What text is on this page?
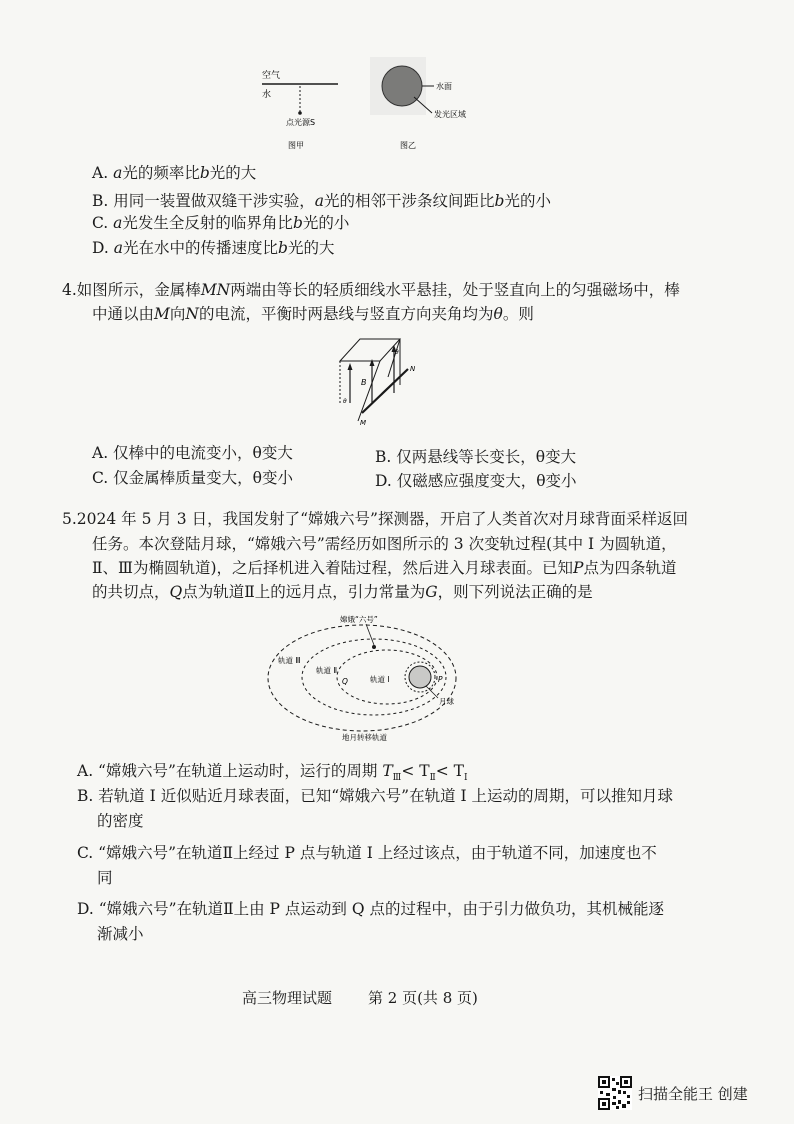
空气
水
点光源S
图甲
水面
发光区域
图乙
A. a光的频率比b光的大
B. 用同一装置做双缝干涉实验，a光的相邻干涉条纹间距比b光的小
C. a光发生全反射的临界角比b光的小
D. a光在水中的传播速度比b光的大
4.如图所示，金属棒MN两端由等长的轻质细线水平悬挂，处于竖直向上的匀强磁场中，棒
中通以由M向N的电流，平衡时两悬线与竖直方向夹角均为θ。则
B
N
M
θ
θ
A. 仅棒中的电流变小，θ变大	B. 仅两悬线等长变长，θ变大
C. 仅金属棒质量变大，θ变小	D. 仅磁感应强度变大，θ变小
5.2024 年 5 月 3 日，我国发射了“嫦娥六号”探测器，开启了人类首次对月球背面采样返回
任务。本次登陆月球，“嫦娥六号”需经历如图所示的 3 次变轨过程(其中 Ⅰ 为圆轨道，
Ⅱ、Ⅲ为椭圆轨道)，之后择机进入着陆过程，然后进入月球表面。已知P点为四条轨道
的共切点，Q点为轨道Ⅱ上的远月点，引力常量为G，则下列说法正确的是
嫦娥“六号”
轨道 Ⅲ
轨道 Ⅱ
轨道 Ⅰ
Q	P
月球
地月转移轨道
A. “嫦娥六号”在轨道上运动时，运行的周期 $T_Ⅲ< T_Ⅱ< T_Ⅰ$
B. 若轨道 Ⅰ 近似贴近月球表面，已知“嫦娥六号”在轨道 Ⅰ 上运动的周期，可以推知月球
的密度
C. “嫦娥六号”在轨道Ⅱ上经过 P 点与轨道 Ⅰ 上经过该点，由于轨道不同，加速度也不
同
D. “嫦娥六号”在轨道Ⅱ上由 P 点运动到 Q 点的过程中，由于引力做负功，其机械能逐
渐减小
高三物理试题 第 2 页(共 8 页)
扫描全能王 创建
